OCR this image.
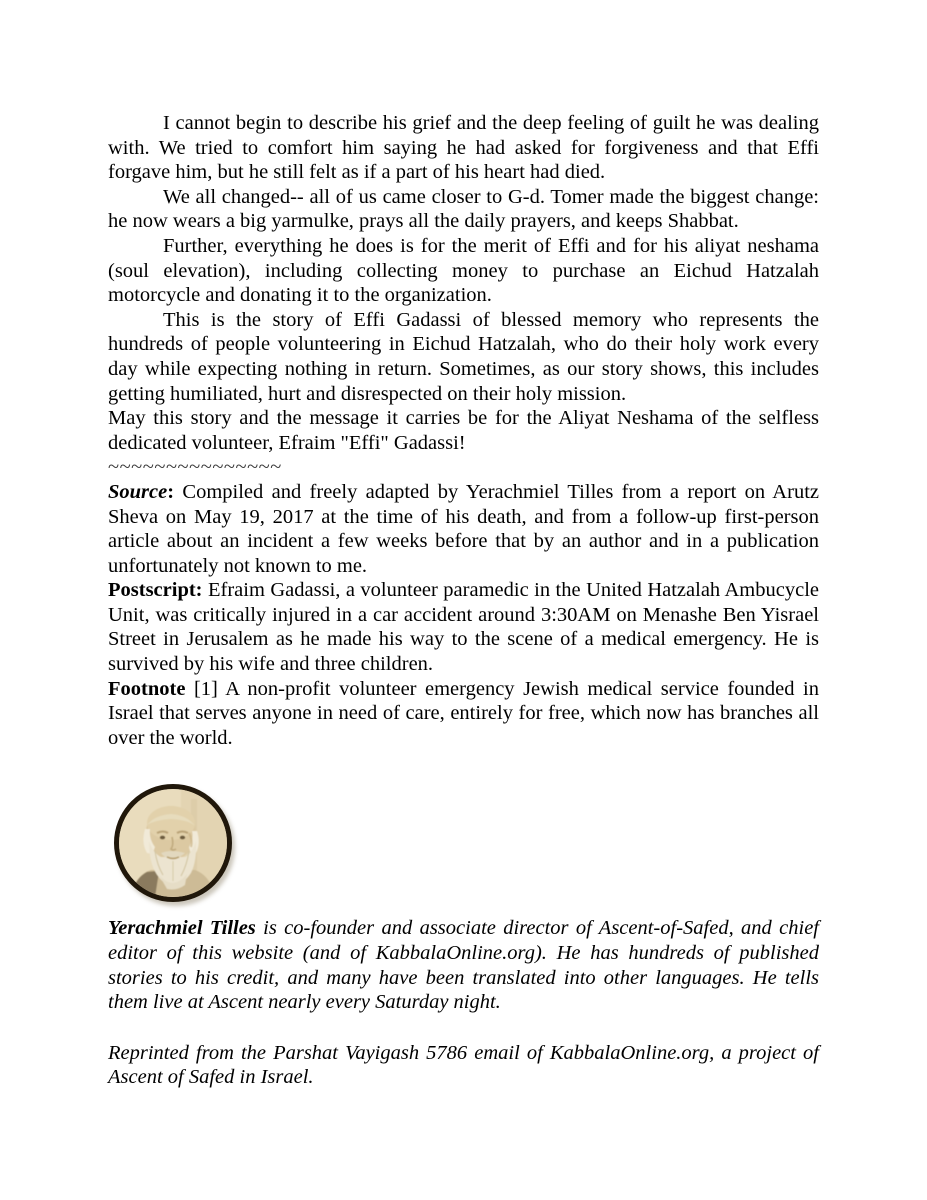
I cannot begin to describe his grief and the deep feeling of guilt he was dealing with. We tried to comfort him saying he had asked for forgiveness and that Effi forgave him, but he still felt as if a part of his heart had died.

We all changed-- all of us came closer to G-d. Tomer made the biggest change: he now wears a big yarmulke, prays all the daily prayers, and keeps Shabbat.

Further, everything he does is for the merit of Effi and for his aliyat neshama (soul elevation), including collecting money to purchase an Eichud Hatzalah motorcycle and donating it to the organization.

This is the story of Effi Gadassi of blessed memory who represents the hundreds of people volunteering in Eichud Hatzalah, who do their holy work every day while expecting nothing in return. Sometimes, as our story shows, this includes getting humiliated, hurt and disrespected on their holy mission.

May this story and the message it carries be for the Aliyat Neshama of the selfless dedicated volunteer, Efraim "Effi" Gadassi!

~~~~~~~~~~~~~~~

Source: Compiled and freely adapted by Yerachmiel Tilles from a report on Arutz Sheva on May 19, 2017 at the time of his death, and from a follow-up first-person article about an incident a few weeks before that by an author and in a publication unfortunately not known to me.

Postscript: Efraim Gadassi, a volunteer paramedic in the United Hatzalah Ambucycle Unit, was critically injured in a car accident around 3:30AM on Menashe Ben Yisrael Street in Jerusalem as he made his way to the scene of a medical emergency. He is survived by his wife and three children.

Footnote [1] A non-profit volunteer emergency Jewish medical service founded in Israel that serves anyone in need of care, entirely for free, which now has branches all over the world.

Yerachmiel Tilles is co-founder and associate director of Ascent-of-Safed, and chief editor of this website (and of KabbalaOnline.org). He has hundreds of published stories to his credit, and many have been translated into other languages. He tells them live at Ascent nearly every Saturday night.

Reprinted from the Parshat Vayigash 5786 email of KabbalaOnline.org, a project of Ascent of Safed in Israel.
